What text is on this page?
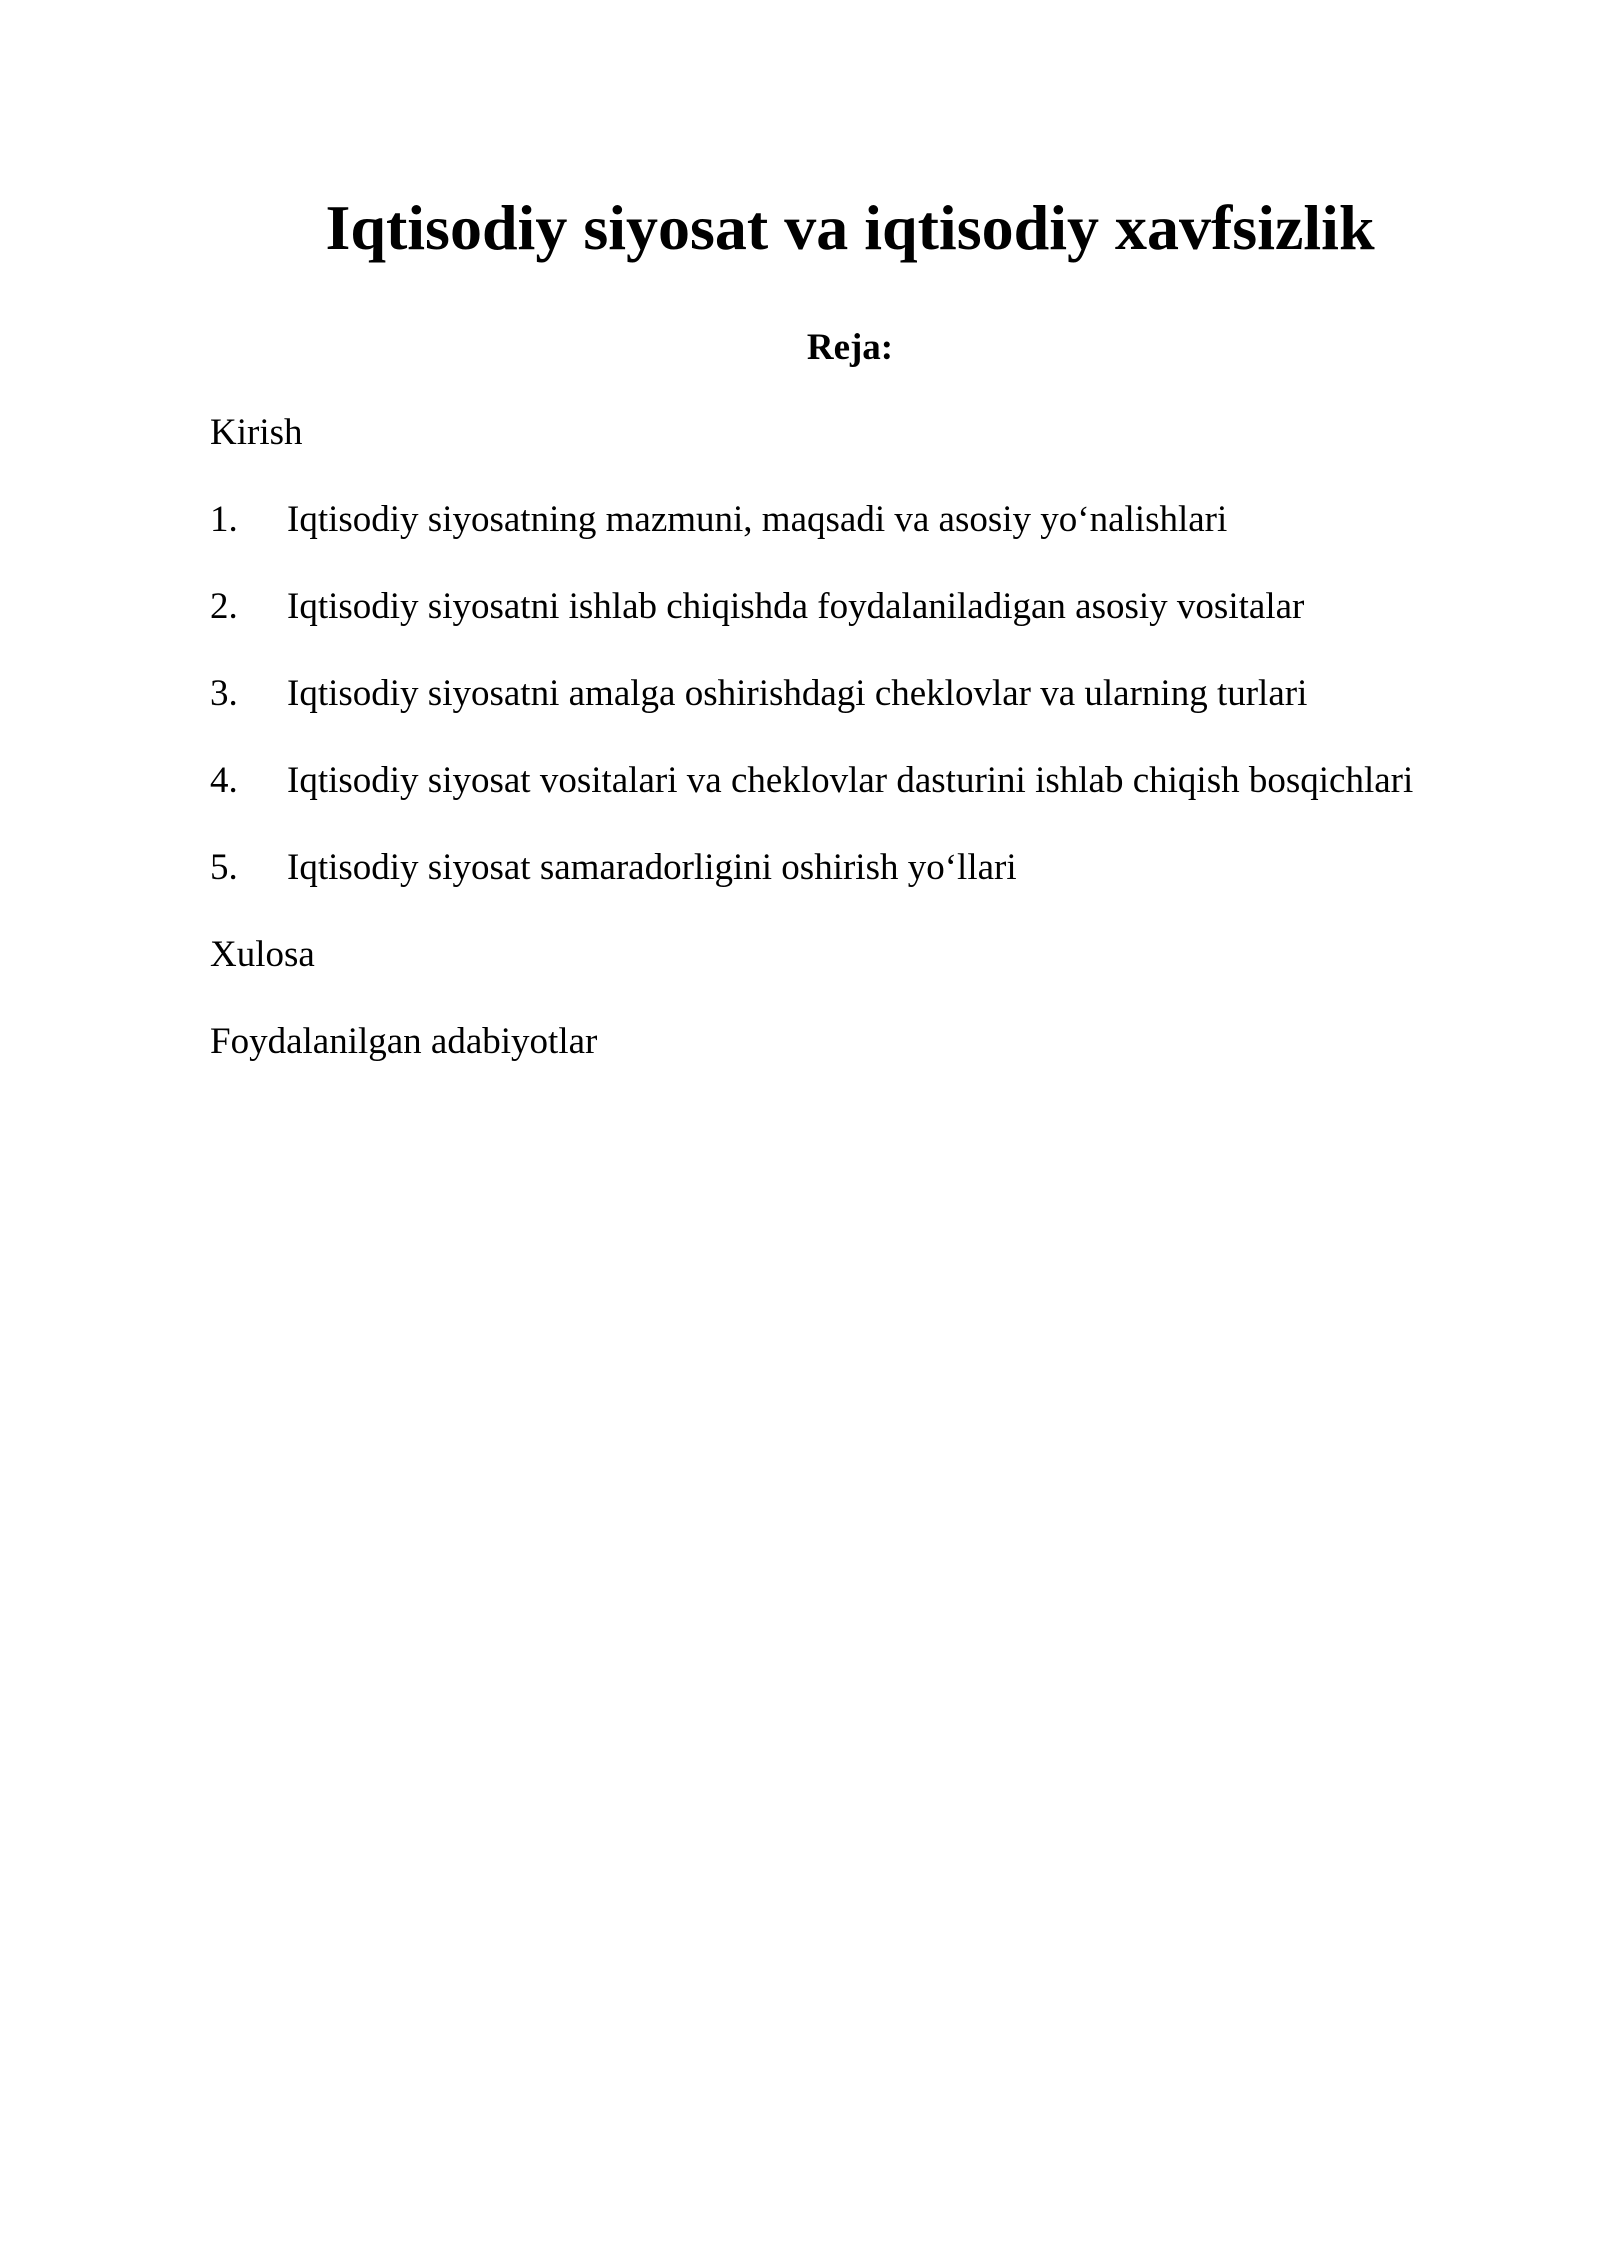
Iqtisodiy siyosat va iqtisodiy xavfsizlik
Reja:
Kirish
1. Iqtisodiy siyosatning mazmuni, maqsadi va asosiy yo‘nalishlari
2. Iqtisodiy siyosatni ishlab chiqishda foydalaniladigan asosiy vositalar
3. Iqtisodiy siyosatni amalga oshirishdagi cheklovlar va ularning turlari
4. Iqtisodiy siyosat vositalari va cheklovlar dasturini ishlab chiqish bosqichlari
5. Iqtisodiy siyosat samaradorligini oshirish yo‘llari
Xulosa
Foydalanilgan adabiyotlar
